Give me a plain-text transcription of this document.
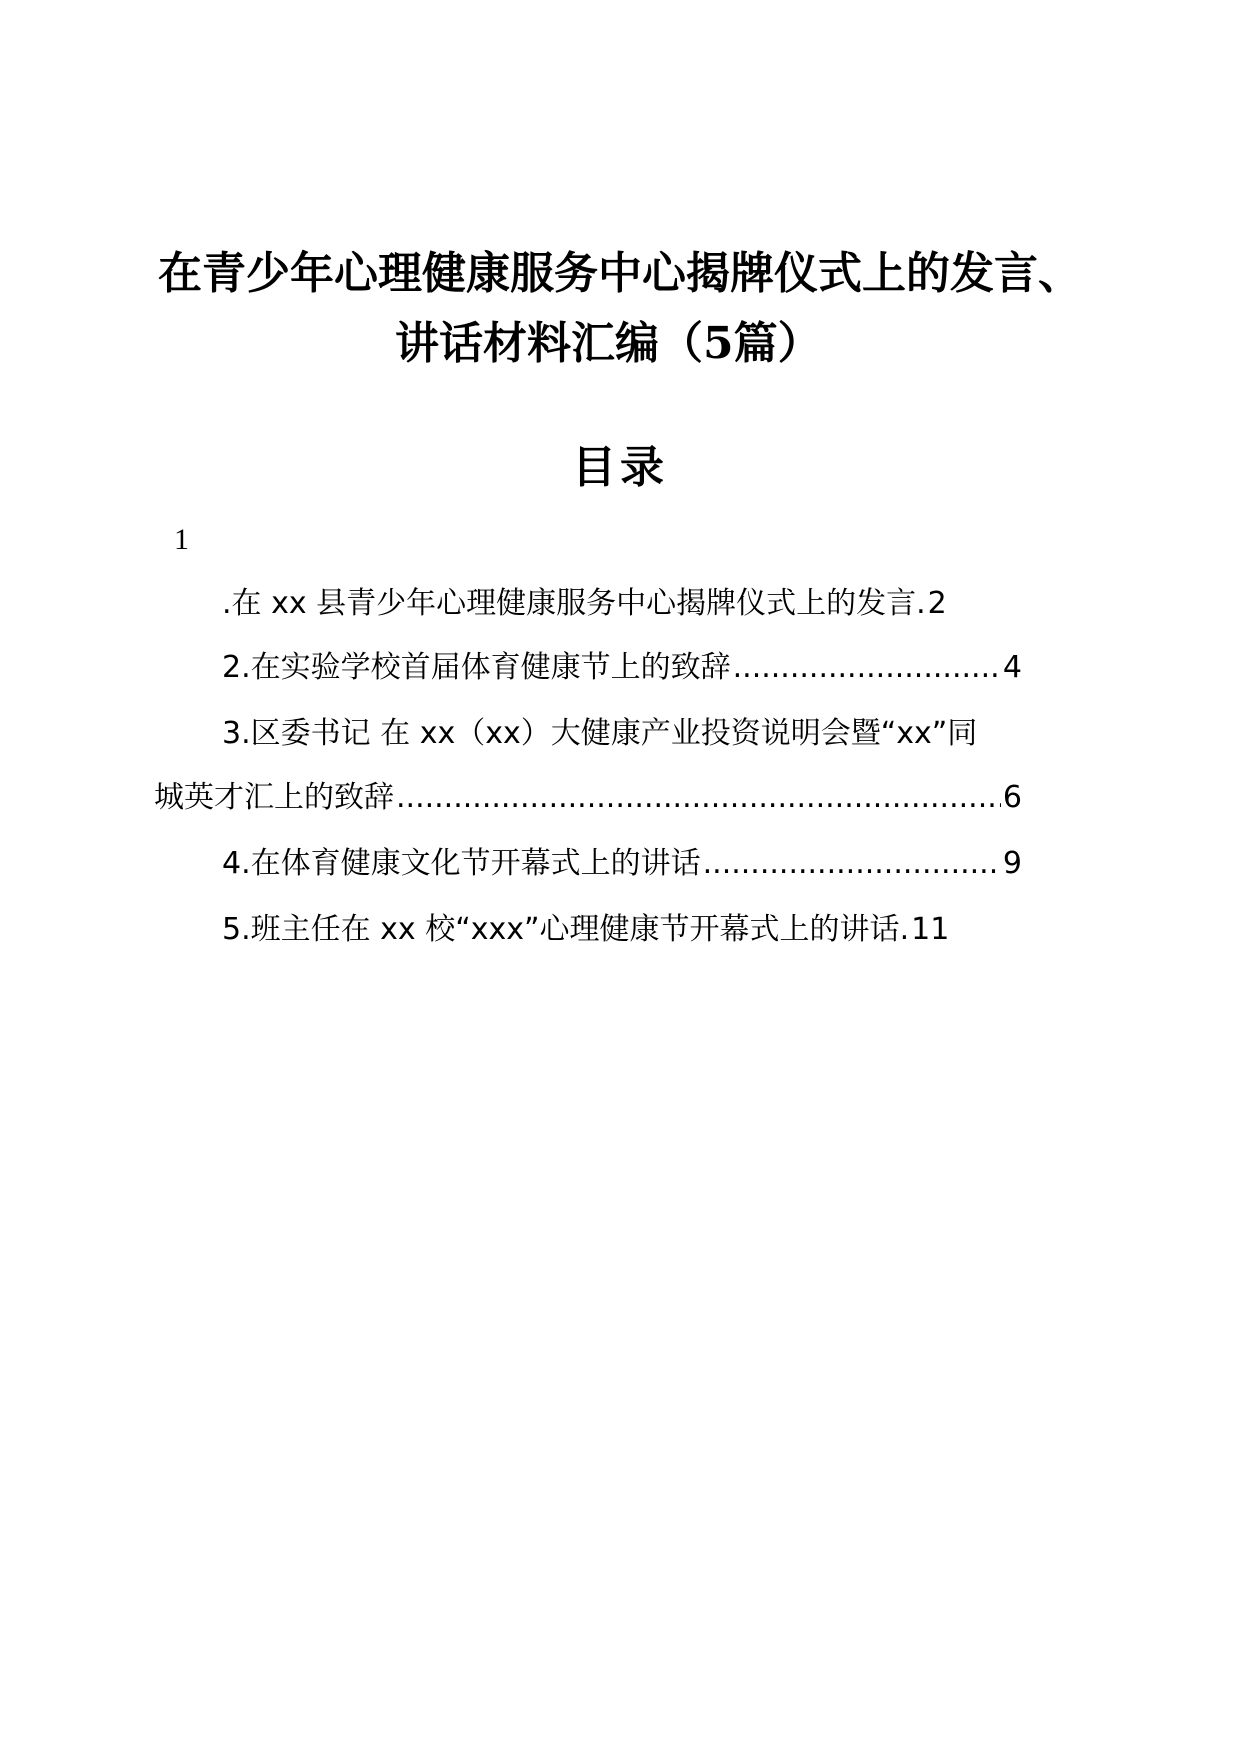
在青少年心理健康服务中心揭牌仪式上的发言、
讲话材料汇编（5篇）
目录
1
.在 xx 县青少年心理健康服务中心揭牌仪式上的发言 . 2
2.在实验学校首届体育健康节上的致辞 .....	4
3.区委书记 在 xx（xx）大健康产业投资说明会暨“xx”同
城英才汇上的致辞 .....	6
4.在体育健康文化节开幕式上的讲话 .....	9
5.班主任在 xx 校“xxx”心理健康节开幕式上的讲话 . 11
